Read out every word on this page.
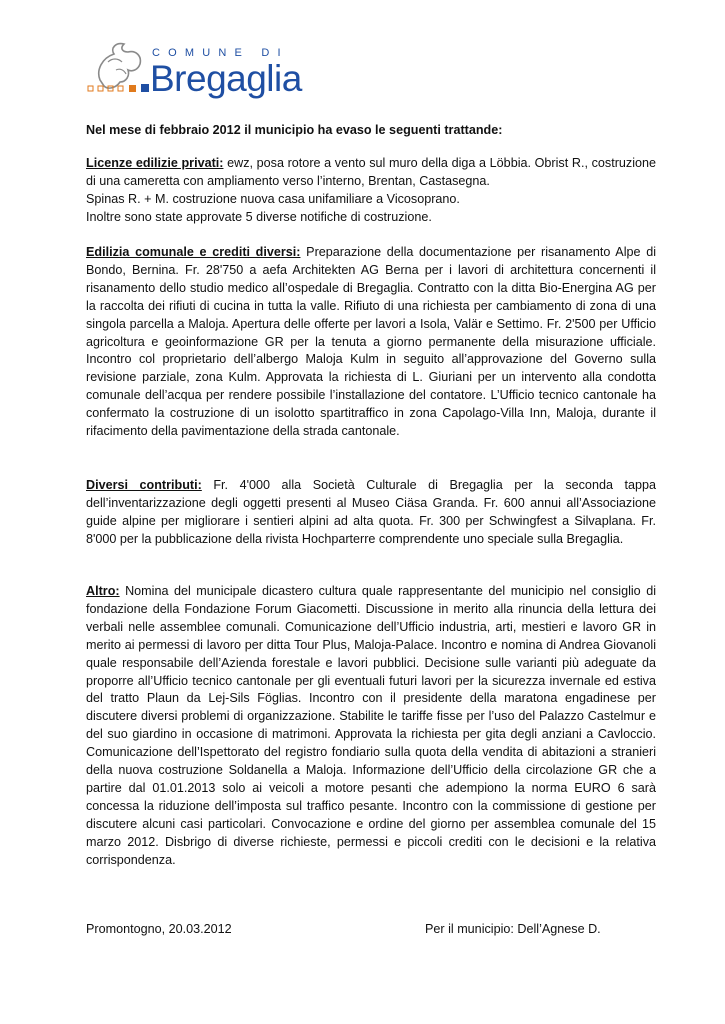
COMUNE DI
Bregaglia
Nel mese di febbraio 2012 il municipio ha evaso le seguenti trattande:
Licenze edilizie privati: ewz, posa rotore a vento sul muro della diga a Löbbia. Obrist R., costruzione di una cameretta con ampliamento verso l’interno, Brentan, Castasegna.
Spinas R. + M. costruzione nuova casa unifamiliare a Vicosoprano.
Inoltre sono state approvate 5 diverse notifiche di costruzione.
Edilizia comunale e crediti diversi: Preparazione della documentazione per risanamento Alpe di Bondo, Bernina. Fr. 28'750 a aefa Architekten AG Berna per i lavori di architettura concernenti il risanamento dello studio medico all’ospedale di Bregaglia. Contratto con la ditta Bio-Energina AG per la raccolta dei rifiuti di cucina in tutta la valle. Rifiuto di una richiesta per cambiamento di zona di una singola parcella a Maloja. Apertura delle offerte per lavori a Isola, Valär e Settimo. Fr. 2'500 per Ufficio agricoltura e geoinformazione GR per la tenuta a giorno permanente della misurazione ufficiale. Incontro col proprietario dell’albergo Maloja Kulm in seguito all’approvazione del Governo sulla revisione parziale, zona Kulm. Approvata la richiesta di L. Giuriani per un intervento alla condotta comunale dell’acqua per rendere possibile l’installazione del contatore. L’Ufficio tecnico cantonale ha confermato la costruzione di un isolotto spartitraffico in zona Capolago-Villa Inn, Maloja, durante il rifacimento della pavimentazione della strada cantonale.
Diversi contributi: Fr. 4'000 alla Società Culturale di Bregaglia per la seconda tappa dell’inventarizzazione degli oggetti presenti al Museo Ciäsa Granda. Fr. 600 annui all’Associazione guide alpine per migliorare i sentieri alpini ad alta quota. Fr. 300 per Schwingfest a Silvaplana. Fr. 8'000 per la pubblicazione della rivista Hochparterre comprendente uno speciale sulla Bregaglia.
Altro: Nomina del municipale dicastero cultura quale rappresentante del municipio nel consiglio di fondazione della Fondazione Forum Giacometti. Discussione in merito alla rinuncia della lettura dei verbali nelle assemblee comunali. Comunicazione dell’Ufficio industria, arti, mestieri e lavoro GR in merito ai permessi di lavoro per ditta Tour Plus, Maloja-Palace. Incontro e nomina di Andrea Giovanoli quale responsabile dell’Azienda forestale e lavori pubblici. Decisione sulle varianti più adeguate da proporre all’Ufficio tecnico cantonale per gli eventuali futuri lavori per la sicurezza invernale ed estiva del tratto Plaun da Lej-Sils Föglias. Incontro con il presidente della maratona engadinese per discutere diversi problemi di organizzazione. Stabilite le tariffe fisse per l’uso del Palazzo Castelmur e del suo giardino in occasione di matrimoni. Approvata la richiesta per gita degli anziani a Cavloccio. Comunicazione dell’Ispettorato del registro fondiario sulla quota della vendita di abitazioni a stranieri della nuova costruzione Soldanella a Maloja. Informazione dell’Ufficio della circolazione GR che a partire dal 01.01.2013 solo ai veicoli a motore pesanti che adempiono la norma EURO 6 sarà concessa la riduzione dell’imposta sul traffico pesante. Incontro con la commissione di gestione per discutere alcuni casi particolari. Convocazione e ordine del giorno per assemblea comunale del 15 marzo 2012. Disbrigo di diverse richieste, permessi e piccoli crediti con le decisioni e la relativa corrispondenza.
Promontogno, 20.03.2012	Per il municipio: Dell’Agnese D.
